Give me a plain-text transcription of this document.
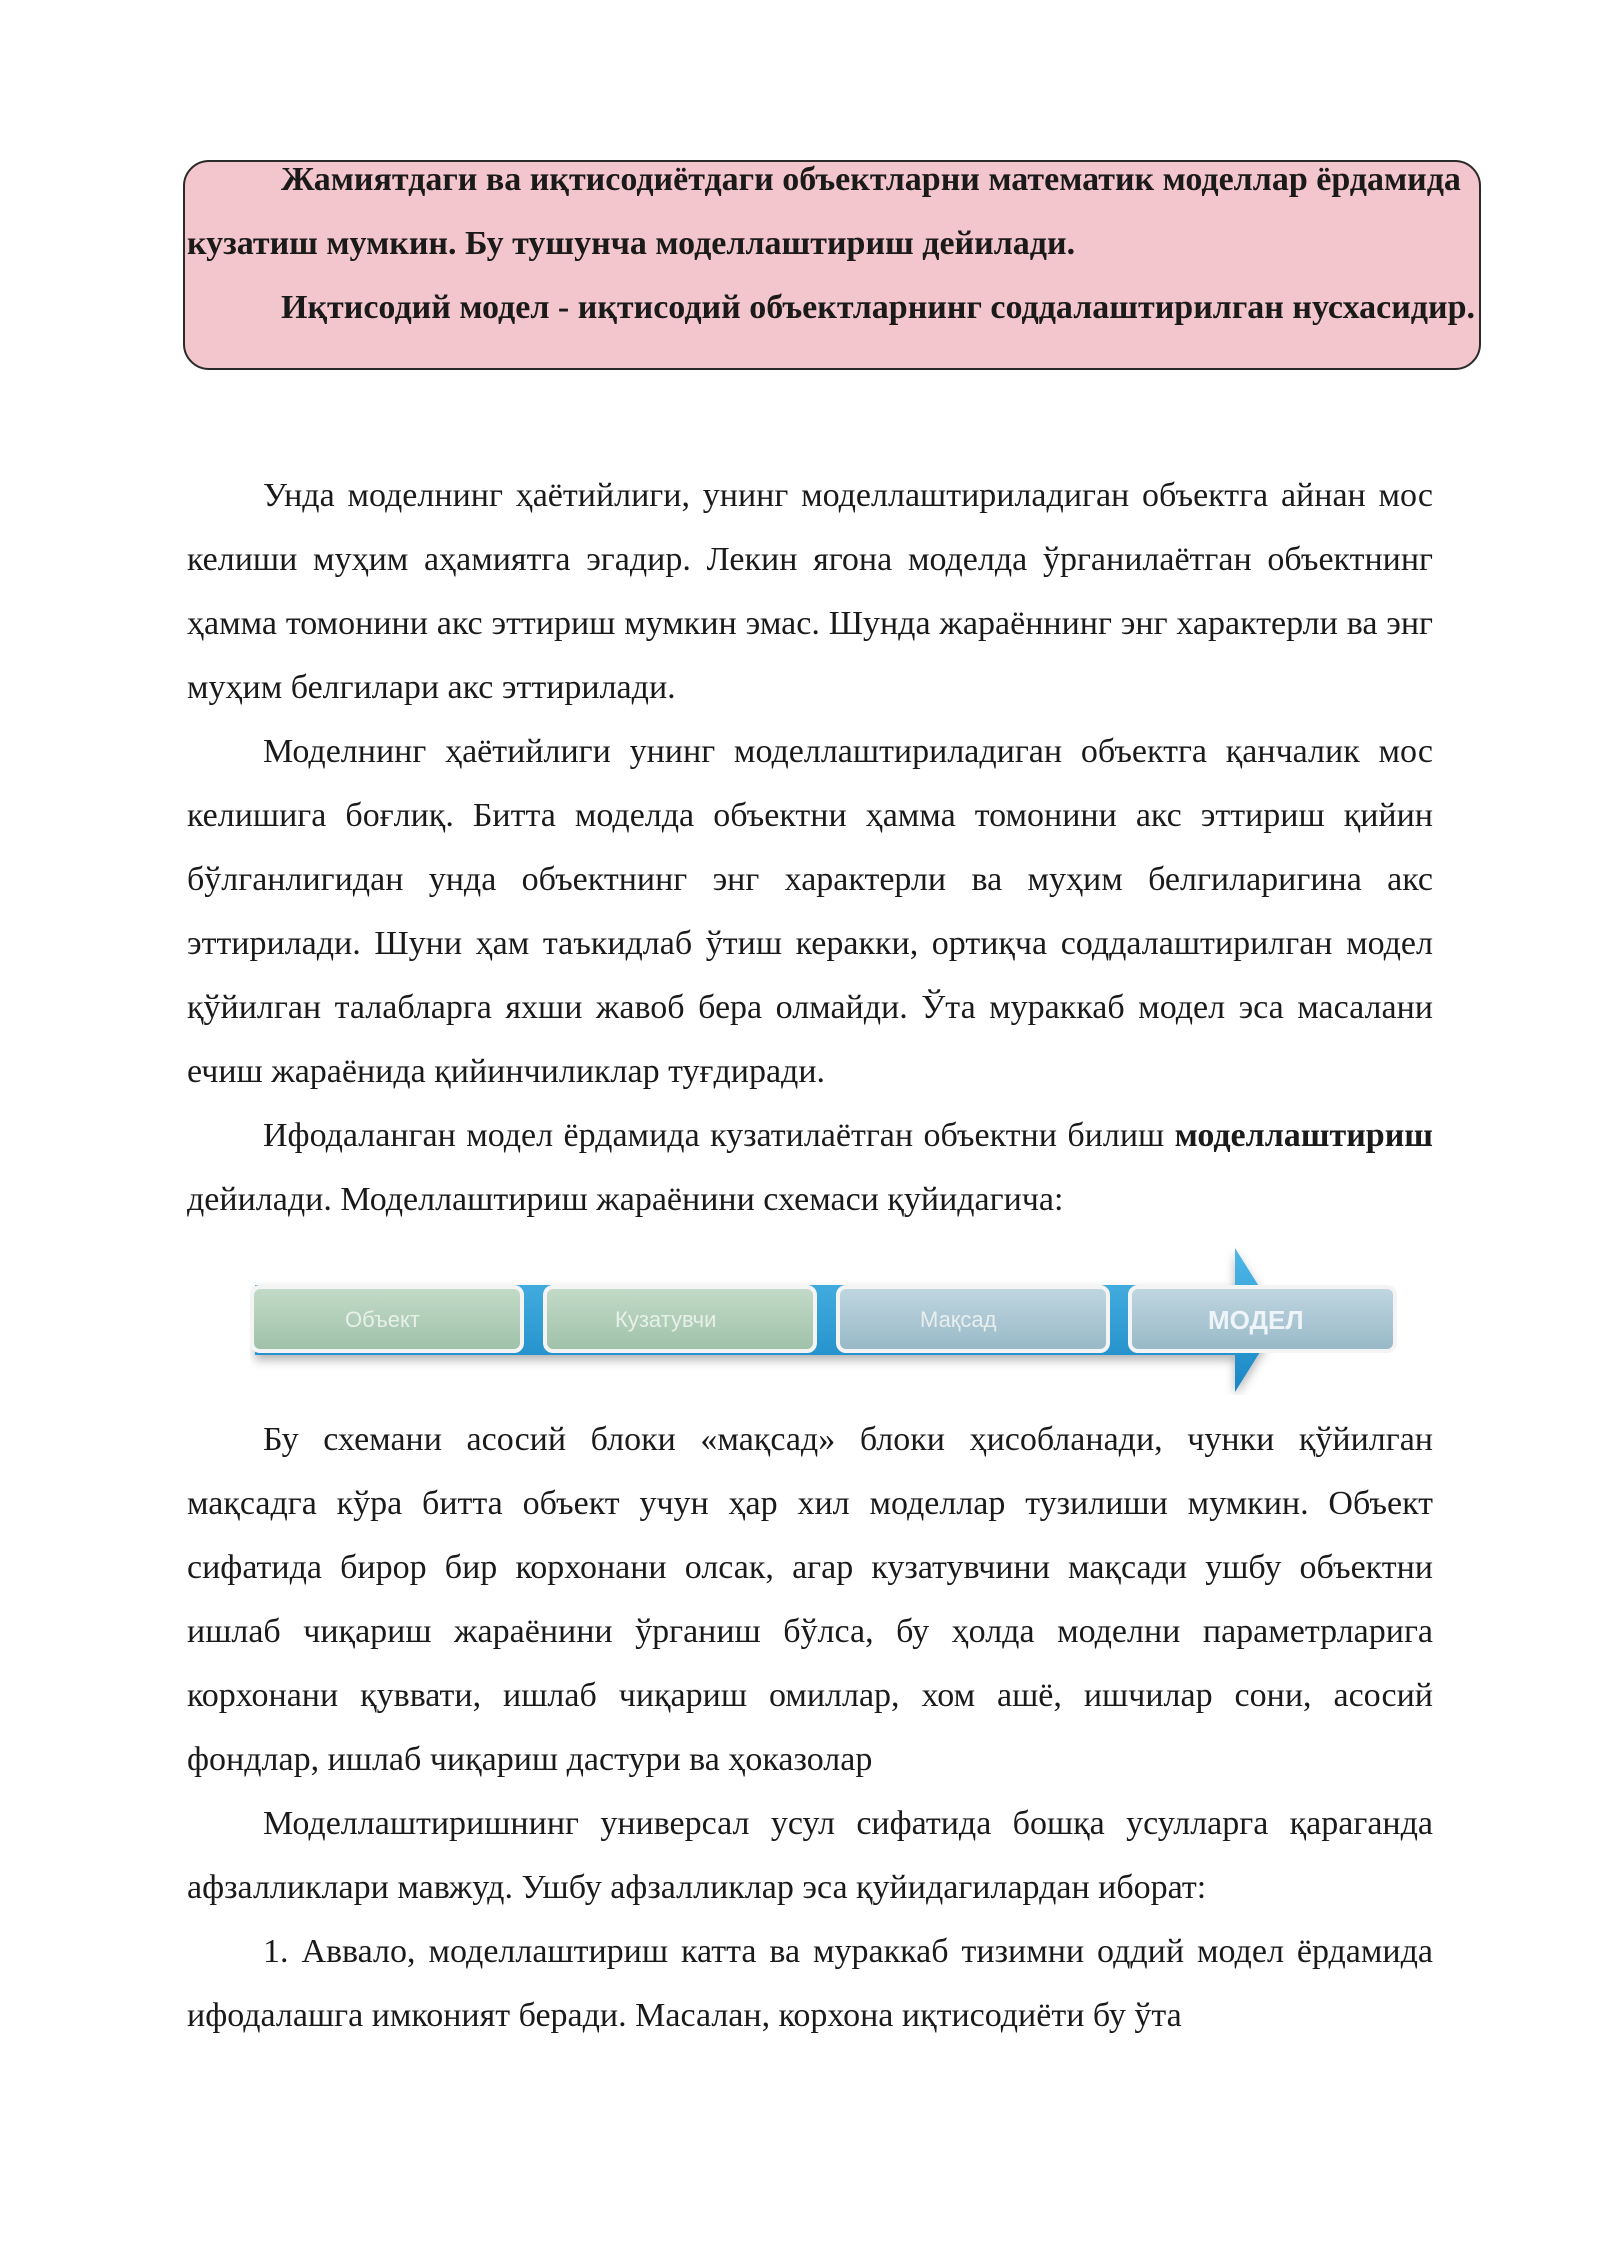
Жамиятдаги ва иқтисодиётдаги объектларни математик моделлар ёрдамида кузатиш мумкин. Бу тушунча моделлаштириш дейилади.

Иқтисодий модел - иқтисодий объектларнинг соддалаштирилган нусхасидир.

Унда моделнинг ҳаётийлиги, унинг моделлаштириладиган объектга айнан мос келиши муҳим аҳамиятга эгадир. Лекин ягона моделда ўрганилаётган объектнинг ҳамма томонини акс эттириш мумкин эмас. Шунда жараённинг энг характерли ва энг муҳим белгилари акс эттирилади.

Моделнинг ҳаётийлиги унинг моделлаштириладиган объектга қанчалик мос келишига боғлиқ. Битта моделда объектни ҳамма томонини акс эттириш қийин бўлганлигидан унда объектнинг энг характерли ва муҳим белгиларигина акс эттирилади. Шуни ҳам таъкидлаб ўтиш керакки, ортиқча соддалаштирилган модел қўйилган талабларга яхши жавоб бера олмайди. Ўта мураккаб модел эса масалани ечиш жараёнида қийинчиликлар туғдиради.

Ифодаланган модел ёрдамида кузатилаётган объектни билиш моделлаштириш дейилади. Моделлаштириш жараёнини схемаси қуйидагича:

Объект	Кузатувчи	Мақсад	МОДЕЛ

Бу схемани асосий блоки «мақсад» блоки ҳисобланади, чунки қўйилган мақсадга кўра битта объект учун ҳар хил моделлар тузилиши мумкин. Объект сифатида бирор бир корхонани олсак, агар кузатувчини мақсади ушбу объектни ишлаб чиқариш жараёнини ўрганиш бўлса, бу ҳолда моделни параметрларига корхонани қуввати, ишлаб чиқариш омиллар, хом ашё, ишчилар сони, асосий фондлар, ишлаб чиқариш дастури ва ҳоказолар

Моделлаштиришнинг универсал усул сифатида бошқа усулларга қараганда афзалликлари мавжуд. Ушбу афзалликлар эса қуйидагилардан иборат:

1. Аввало, моделлаштириш катта ва мураккаб тизимни оддий модел ёрдамида ифодалашга имконият беради. Масалан, корхона иқтисодиёти бу ўта
